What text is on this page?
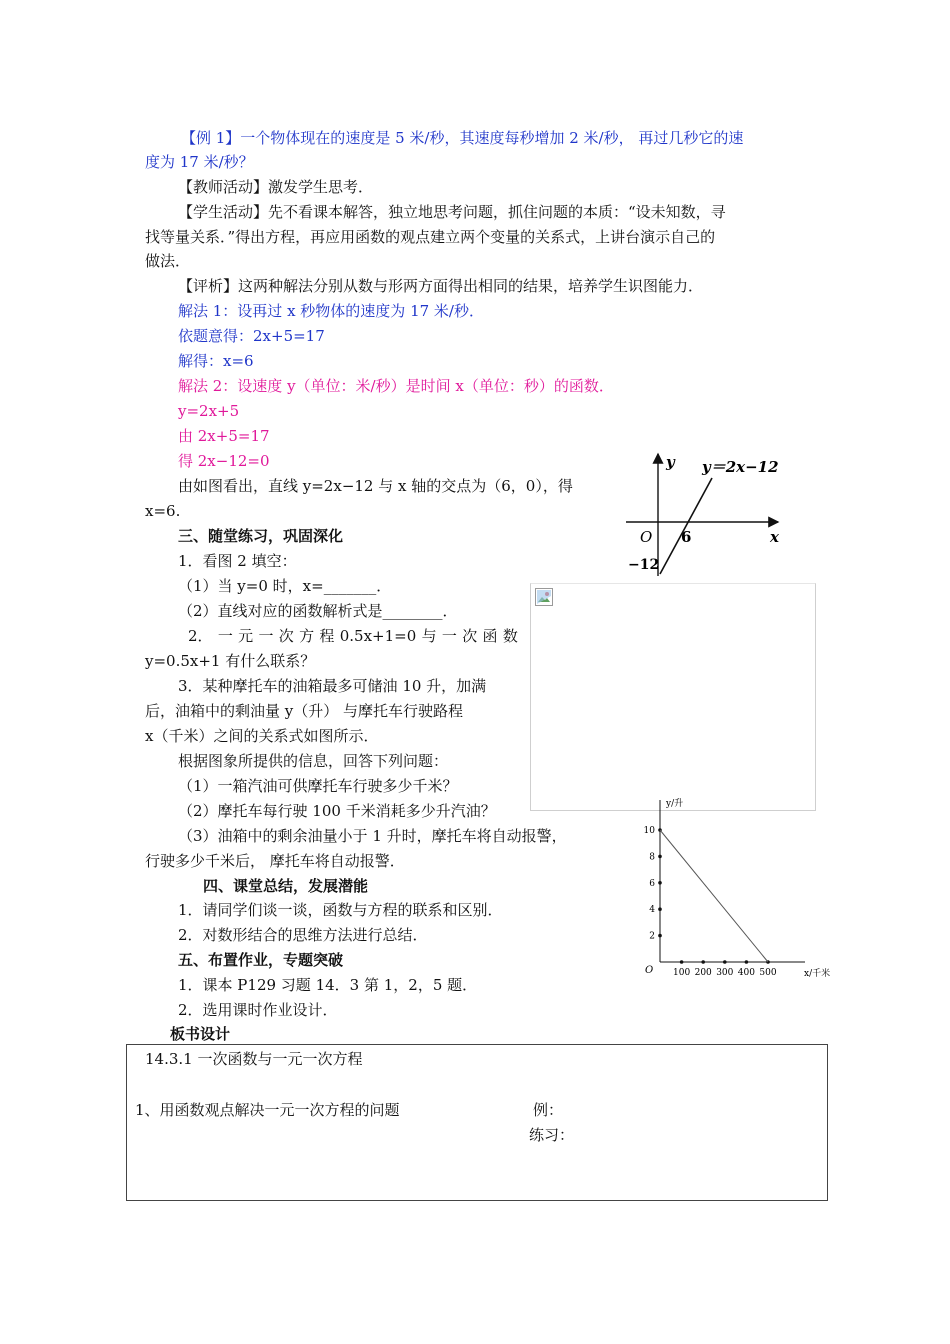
【例 1】一个物体现在的速度是 5 米/秒，其速度每秒增加 2 米/秒， 再过几秒它的速
度为 17 米/秒？
【教师活动】激发学生思考．
【学生活动】先不看课本解答，独立地思考问题，抓住问题的本质：“设未知数，寻
找等量关系．”得出方程，再应用函数的观点建立两个变量的关系式，上讲台演示自己的
做法．
【评析】这两种解法分别从数与形两方面得出相同的结果，培养学生识图能力．
解法 1：设再过 x 秒物体的速度为 17 米/秒．
依题意得：2x+5=17
解得：x=6
解法 2：设速度 y（单位：米/秒）是时间 x（单位：秒）的函数．
y=2x+5
由 2x+5=17
得 2x−12=0
由如图看出，直线 y=2x−12 与 x 轴的交点为（6，0），得
x=6.
y y＝2x−12
x
O 6
−12
三、随堂练习，巩固深化
1．看图 2 填空：
（1）当 y=0 时，x=_______．
（2）直线对应的函数解析式是________．
2． 一 元 一 次 方 程 0.5x+1=0 与 一 次 函 数
y=0.5x+1 有什么联系？
3．某种摩托车的油箱最多可储油 10 升，加满
后，油箱中的剩油量 y（升） 与摩托车行驶路程
x（千米）之间的关系式如图所示．
根据图象所提供的信息，回答下列问题：
（1）一箱汽油可供摩托车行驶多少千米？
（2）摩托车每行驶 100 千米消耗多少升汽油？
（3）油箱中的剩余油量小于 1 升时，摩托车将自动报警，
行驶多少千米后， 摩托车将自动报警．
y/升
x/千米
O 100 200 300 400 500
2
4
6
8
10
四、课堂总结，发展潜能
1．请同学们谈一谈，函数与方程的联系和区别．
2．对数形结合的思维方法进行总结．
五、布置作业，专题突破
1．课本 P129 习题 14．3 第 1，2，5 题．
2．选用课时作业设计．
板书设计
14.3.1 一次函数与一元一次方程
1、用函数观点解决一元一次方程的问题	例：
练习：
